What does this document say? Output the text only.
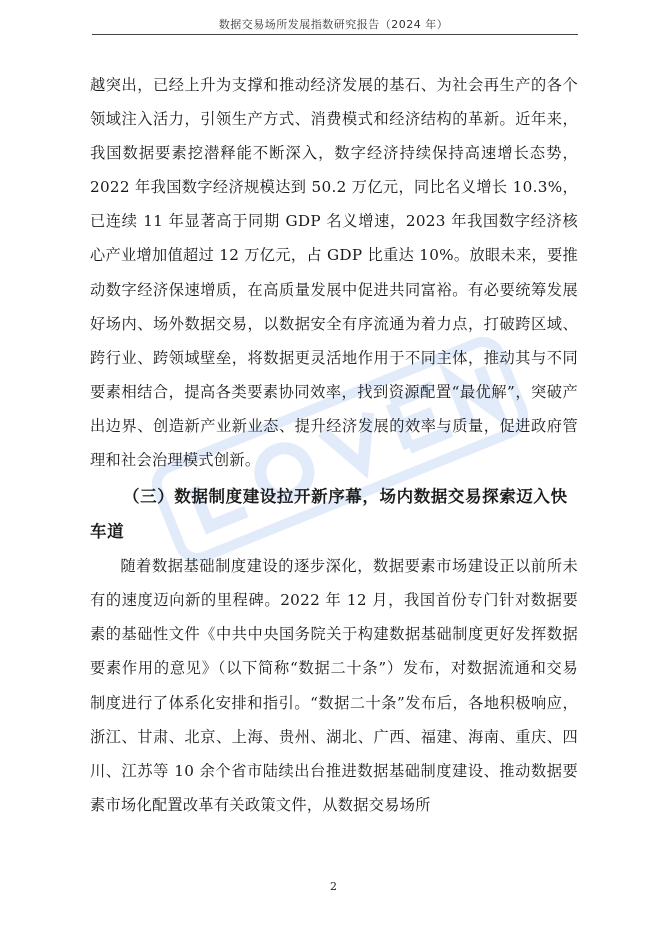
数据交易场所发展指数研究报告（2024 年）

越突出，已经上升为支撑和推动经济发展的基石、为社会再生产的各个领域注入活力，引领生产方式、消费模式和经济结构的革新。近年来，我国数据要素挖潜释能不断深入，数字经济持续保持高速增长态势，2022 年我国数字经济规模达到 50.2 万亿元，同比名义增长 10.3%，已连续 11 年显著高于同期 GDP 名义增速，2023 年我国数字经济核心产业增加值超过 12 万亿元，占 GDP 比重达 10%。放眼未来，要推动数字经济保速增质，在高质量发展中促进共同富裕。有必要统筹发展好场内、场外数据交易，以数据安全有序流通为着力点，打破跨区域、跨行业、跨领域壁垒，将数据更灵活地作用于不同主体，推动其与不同要素相结合，提高各类要素协同效率，找到资源配置“最优解”，突破产出边界、创造新产业新业态、提升经济发展的效率与质量，促进政府管理和社会治理模式创新。

（三）数据制度建设拉开新序幕，场内数据交易探索迈入快车道

随着数据基础制度建设的逐步深化，数据要素市场建设正以前所未有的速度迈向新的里程碑。2022 年 12 月，我国首份专门针对数据要素的基础性文件《中共中央国务院关于构建数据基础制度更好发挥数据要素作用的意见》（以下简称“数据二十条”）发布，对数据流通和交易制度进行了体系化安排和指引。“数据二十条”发布后，各地积极响应，浙江、甘肃、北京、上海、贵州、湖北、广西、福建、海南、重庆、四川、江苏等 10 余个省市陆续出台推进数据基础制度建设、推动数据要素市场化配置改革有关政策文件，从数据交易场所

2
